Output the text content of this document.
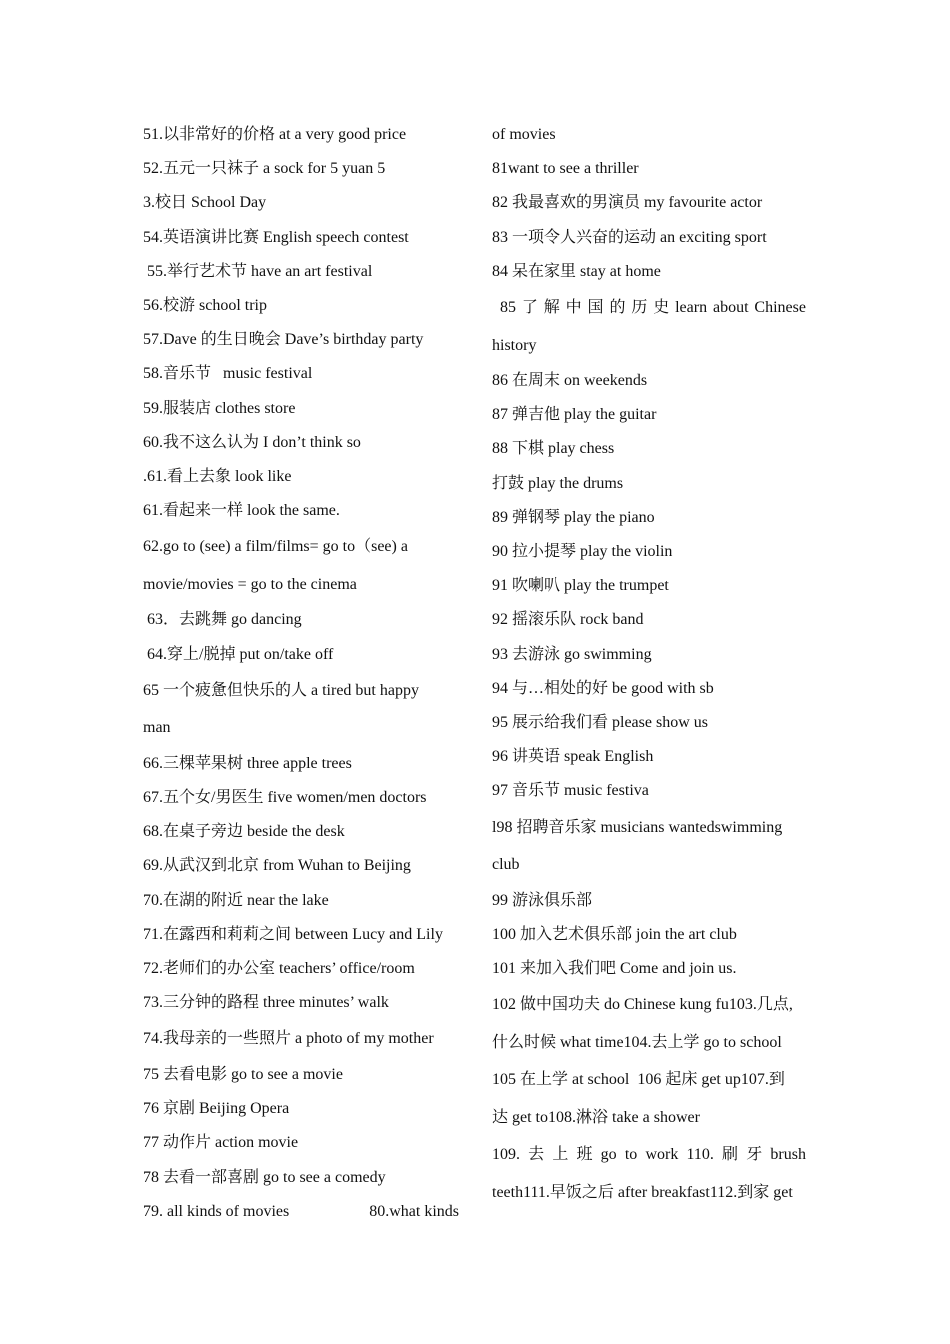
51.以非常好的价格 at a very good price
52.五元一只袜子 a sock for 5 yuan 5
3.校日 School Day
54.英语演讲比赛 English speech contest
55.举行艺术节 have an art festival
56.校游 school trip
57.Dave 的生日晚会 Dave’s birthday party
58.音乐节   music festival
59.服装店 clothes store
60.我不这么认为 I don’t think so
.61.看上去象 look like
61.看起来一样 look the same.
62.go to (see) a film/films= go to（see) a
movie/movies = go to the cinema
63．去跳舞 go dancing
64.穿上/脱掉 put on/take off
65 一个疲惫但快乐的人 a tired but happy
man
66.三棵苹果树 three apple trees
67.五个女/男医生 five women/men doctors
68.在桌子旁边 beside the desk
69.从武汉到北京 from Wuhan to Beijing
70.在湖的附近 near the lake
71.在露西和莉莉之间 between Lucy and Lily
72.老师们的办公室 teachers’ office/room
73.三分钟的路程 three minutes’ walk
74.我母亲的一些照片 a photo of my mother
75 去看电影 go to see a movie
76 京剧 Beijing Opera
77 动作片 action movie
78 去看一部喜剧 go to see a comedy
79. all kinds of movies	80.what kinds
of movies
81want to see a thriller
82 我最喜欢的男演员 my favourite actor
83 一项令人兴奋的运动 an exciting sport
84 呆在家里 stay at home
85 了 解 中 国 的 历 史 learn about Chinese
history
86 在周末 on weekends
87 弹吉他 play the guitar
88 下棋 play chess
打鼓 play the drums
89 弹钢琴 play the piano
90 拉小提琴 play the violin
91 吹喇叭 play the trumpet
92 摇滚乐队 rock band
93 去游泳 go swimming
94 与…相处的好 be good with sb
95 展示给我们看 please show us
96 讲英语 speak English
97 音乐节 music festiva
l98 招聘音乐家 musicians wantedswimming
club
99 游泳俱乐部
100 加入艺术俱乐部 join the art club
101 来加入我们吧 Come and join us.
102 做中国功夫 do Chinese kung fu103.几点,
什么时候 what time104.去上学 go to school
105 在上学 at school  106 起床 get up107.到
达 get to108.淋浴 take a shower
109. 去 上 班 go to work 110. 刷 牙 brush
teeth111.早饭之后 after breakfast112.到家 get
